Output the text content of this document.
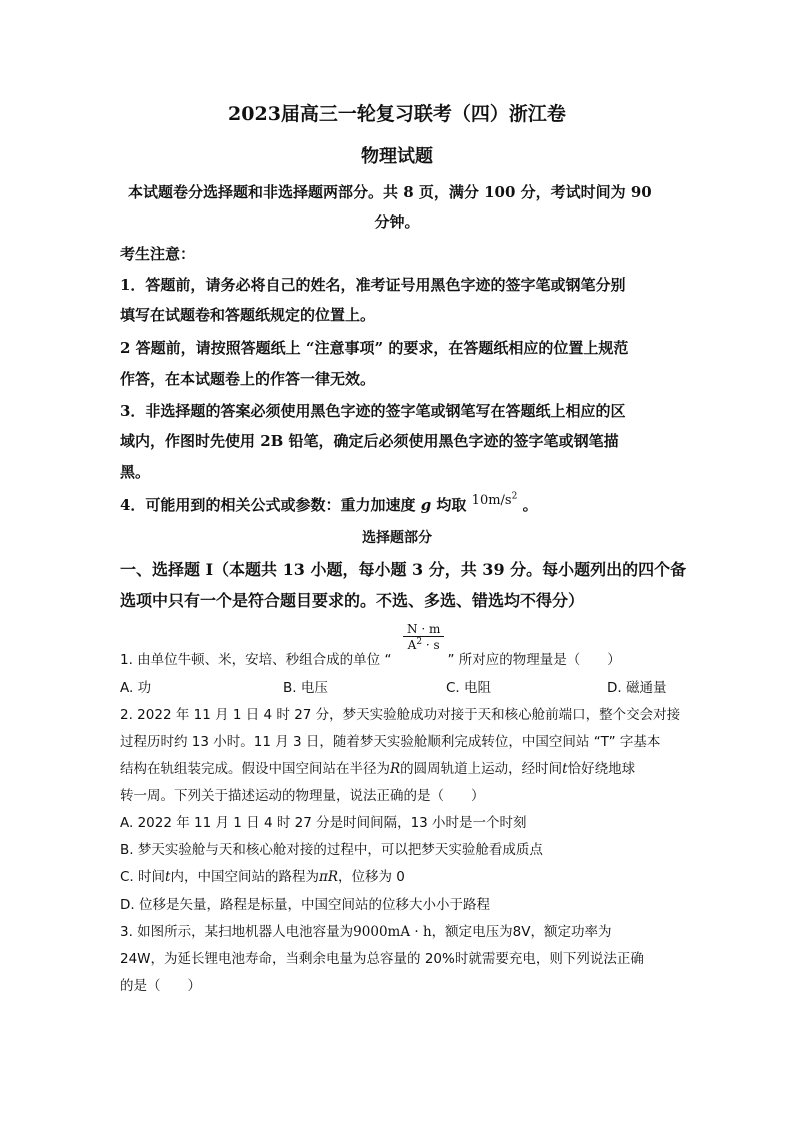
2023届高三一轮复习联考（四）浙江卷
物理试题
本试题卷分选择题和非选择题两部分。共 8 页，满分 100 分，考试时间为 90
分钟。
考生注意：
1．答题前，请务必将自己的姓名，准考证号用黑色字迹的签字笔或钢笔分别
填写在试题卷和答题纸规定的位置上。
2 答题前，请按照答题纸上 “注意事项” 的要求，在答题纸相应的位置上规范
作答，在本试题卷上的作答一律无效。
3．非选择题的答案必须使用黑色字迹的签字笔或钢笔写在答题纸上相应的区
域内，作图时先使用 2B 铅笔，确定后必须使用黑色字迹的签字笔或钢笔描
黑。
4．可能用到的相关公式或参数：重力加速度 g 均取 $10m/s^2$ 。
选择题部分
一、选择题 I（本题共 13 小题，每小题 3 分，共 39 分。每小题列出的四个备
选项中只有一个是符合题目要求的。不选、多选、错选均不得分）
$\frac{N \cdot m}{A^2 \cdot s}$
1. 由单位牛顿、米，安培、秒组合成的单位 “	” 所对应的物理量是（　　）
A. 功	B. 电压	C. 电阻	D. 磁通量
2. 2022 年 11 月 1 日 4 时 27 分，梦天实验舱成功对接于天和核心舱前端口，整个交会对接
过程历时约 13 小时。11 月 3 日，随着梦天实验舱顺利完成转位，中国空间站 “T” 字基本
结构在轨组装完成。假设中国空间站在半径为R的圆周轨道上运动，经时间t恰好绕地球
转一周。下列关于描述运动的物理量，说法正确的是（　　）
A. 2022 年 11 月 1 日 4 时 27 分是时间间隔，13 小时是一个时刻
B. 梦天实验舱与天和核心舱对接的过程中，可以把梦天实验舱看成质点
C. 时间t内，中国空间站的路程为πR，位移为 0
D. 位移是矢量，路程是标量，中国空间站的位移大小小于路程
3. 如图所示，某扫地机器人电池容量为9000mA · h，额定电压为8V，额定功率为
24W，为延长锂电池寿命，当剩余电量为总容量的 20%时就需要充电，则下列说法正确
的是（　　）
